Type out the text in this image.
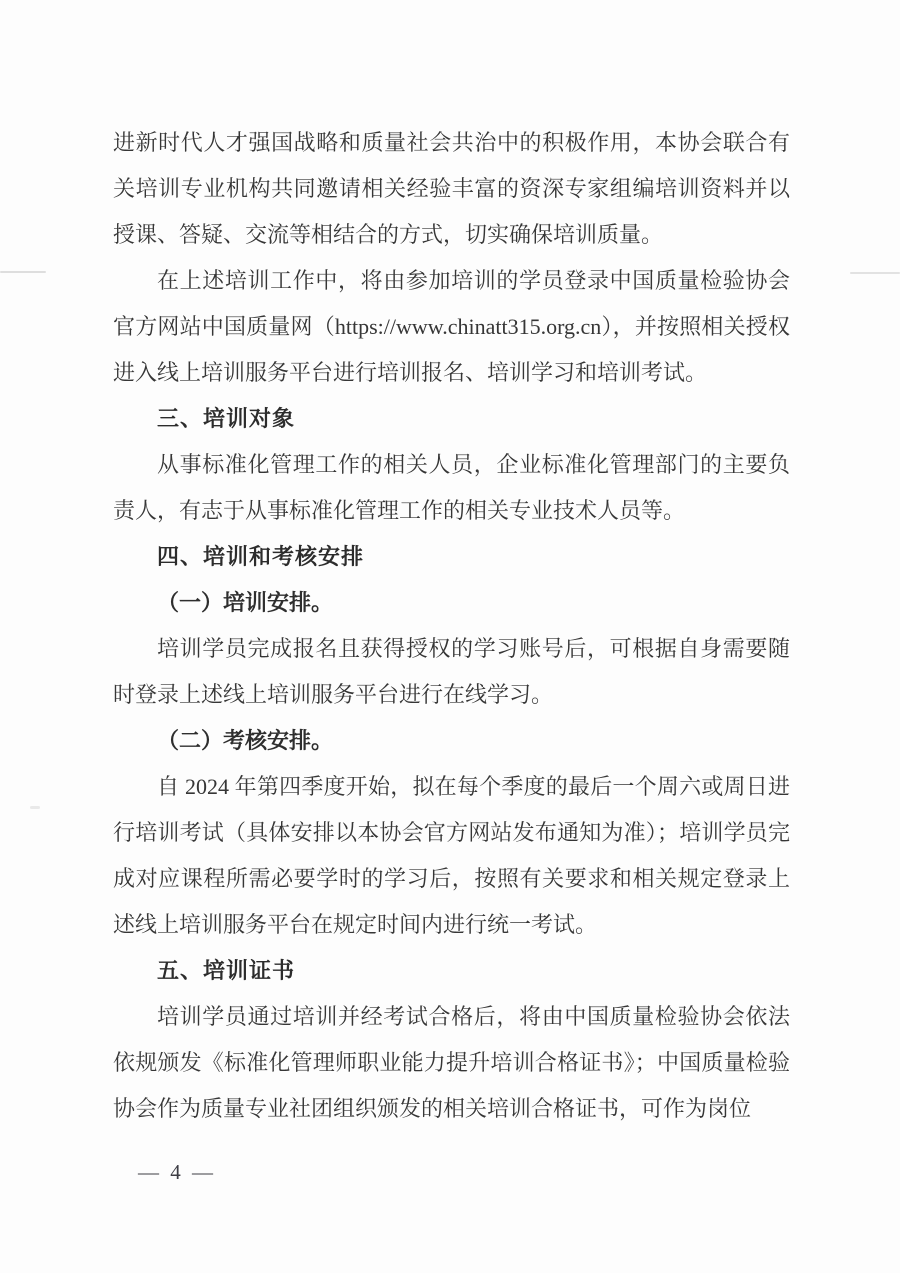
进新时代人才强国战略和质量社会共治中的积极作用，本协会联合有关培训专业机构共同邀请相关经验丰富的资深专家组编培训资料并以授课、答疑、交流等相结合的方式，切实确保培训质量。

在上述培训工作中，将由参加培训的学员登录中国质量检验协会官方网站中国质量网（https://www.chinatt315.org.cn），并按照相关授权进入线上培训服务平台进行培训报名、培训学习和培训考试。

三、培训对象

从事标准化管理工作的相关人员，企业标准化管理部门的主要负责人，有志于从事标准化管理工作的相关专业技术人员等。

四、培训和考核安排

（一）培训安排。

培训学员完成报名且获得授权的学习账号后，可根据自身需要随时登录上述线上培训服务平台进行在线学习。

（二）考核安排。

自 2024 年第四季度开始，拟在每个季度的最后一个周六或周日进行培训考试（具体安排以本协会官方网站发布通知为准）；培训学员完成对应课程所需必要学时的学习后，按照有关要求和相关规定登录上述线上培训服务平台在规定时间内进行统一考试。

五、培训证书

培训学员通过培训并经考试合格后，将由中国质量检验协会依法依规颁发《标准化管理师职业能力提升培训合格证书》；中国质量检验协会作为质量专业社团组织颁发的相关培训合格证书，可作为岗位

— 4 —
